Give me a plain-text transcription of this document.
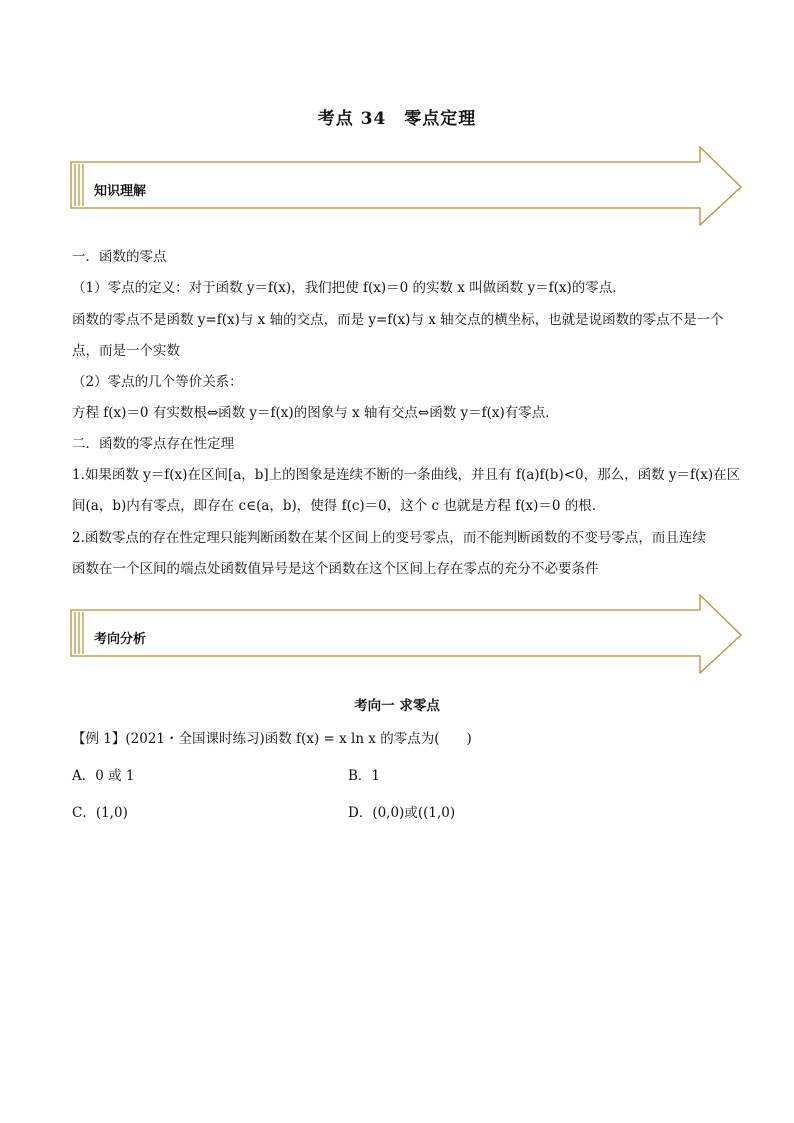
考点 34　零点定理
知识理解
一．函数的零点
（1）零点的定义：对于函数 y＝f(x)，我们把使 f(x)＝0 的实数 x 叫做函数 y＝f(x)的零点．
函数的零点不是函数 y=f(x)与 x 轴的交点，而是 y=f(x)与 x 轴交点的横坐标，也就是说函数的零点不是一个
点，而是一个实数
（2）零点的几个等价关系：
方程 f(x)＝0 有实数根⇔函数 y＝f(x)的图象与 x 轴有交点⇔函数 y＝f(x)有零点．
二．函数的零点存在性定理
1.如果函数 y＝f(x)在区间[a，b]上的图象是连续不断的一条曲线，并且有 f(a)f(b)<0，那么，函数 y＝f(x)在区
间(a，b)内有零点，即存在 c∈(a，b)，使得 f(c)＝0，这个 c 也就是方程 f(x)＝0 的根．
2.函数零点的存在性定理只能判断函数在某个区间上的变号零点，而不能判断函数的不变号零点，而且连续
函数在一个区间的端点处函数值异号是这个函数在这个区间上存在零点的充分不必要条件
考向分析
考向一 求零点
【例 1】(2021・全国课时练习)函数 f(x) = x ln x 的零点为(　　)
A．0 或 1	B．1
C．(1,0)	D．(0,0)或((1,0)
